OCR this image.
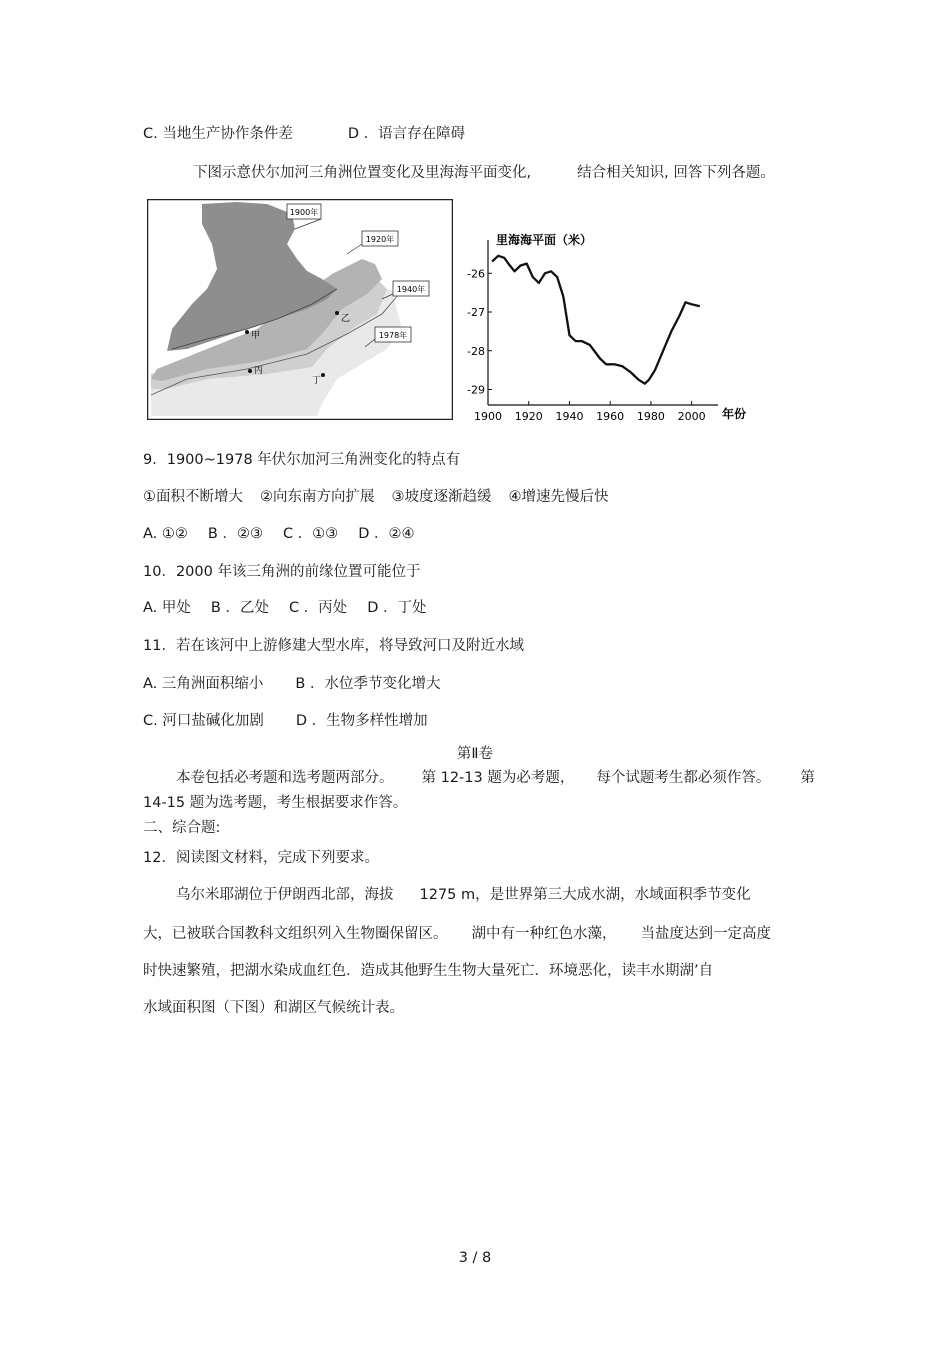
C. 当地生产协作条件差	D ．语言存在障碍
下图示意伏尔加河三角洲位置变化及里海海平面变化,	结合相关知识, 回答下列各题。
1900年
1920年
1940年
1978年
甲
乙
丙
丁
里海海平面（米）
-26
-27
-28
-29
1900 1920 1940 1960 1980 2000 年份
9．1900~1978 年伏尔加河三角洲变化的特点有
①面积不断增大 ②向东南方向扩展 ③坡度逐渐趋缓 ④增速先慢后快
A. ①② B ．②③ C ．①③ D ．②④
10．2000 年该三角洲的前缘位置可能位于
A. 甲处 B ．乙处 C ．丙处 D ．丁处
11．若在该河中上游修建大型水库，将导致河口及附近水域
A. 三角洲面积缩小 B ．水位季节变化增大
C. 河口盐碱化加剧 D ．生物多样性增加
第Ⅱ卷
本卷包括必考题和选考题两部分。 第 12-13 题为必考题， 每个试题考生都必须作答。 第
14-15 题为选考题，考生根据要求作答。
二、综合题:
12．阅读图文材料，完成下列要求。
乌尔米耶湖位于伊朗西北部，海拔 1275 m，是世界第三大成水湖，水域面积季节变化
大，已被联合国教科文组织列入生物圈保留区。 湖中有一种红色水藻， 当盐度达到一定高度
时快速繁殖，把湖水染成血红色．造成其他野生生物大量死亡．环境恶化，读丰水期湖’自
水域面积图（下图）和湖区气候统计表。
3 / 8
